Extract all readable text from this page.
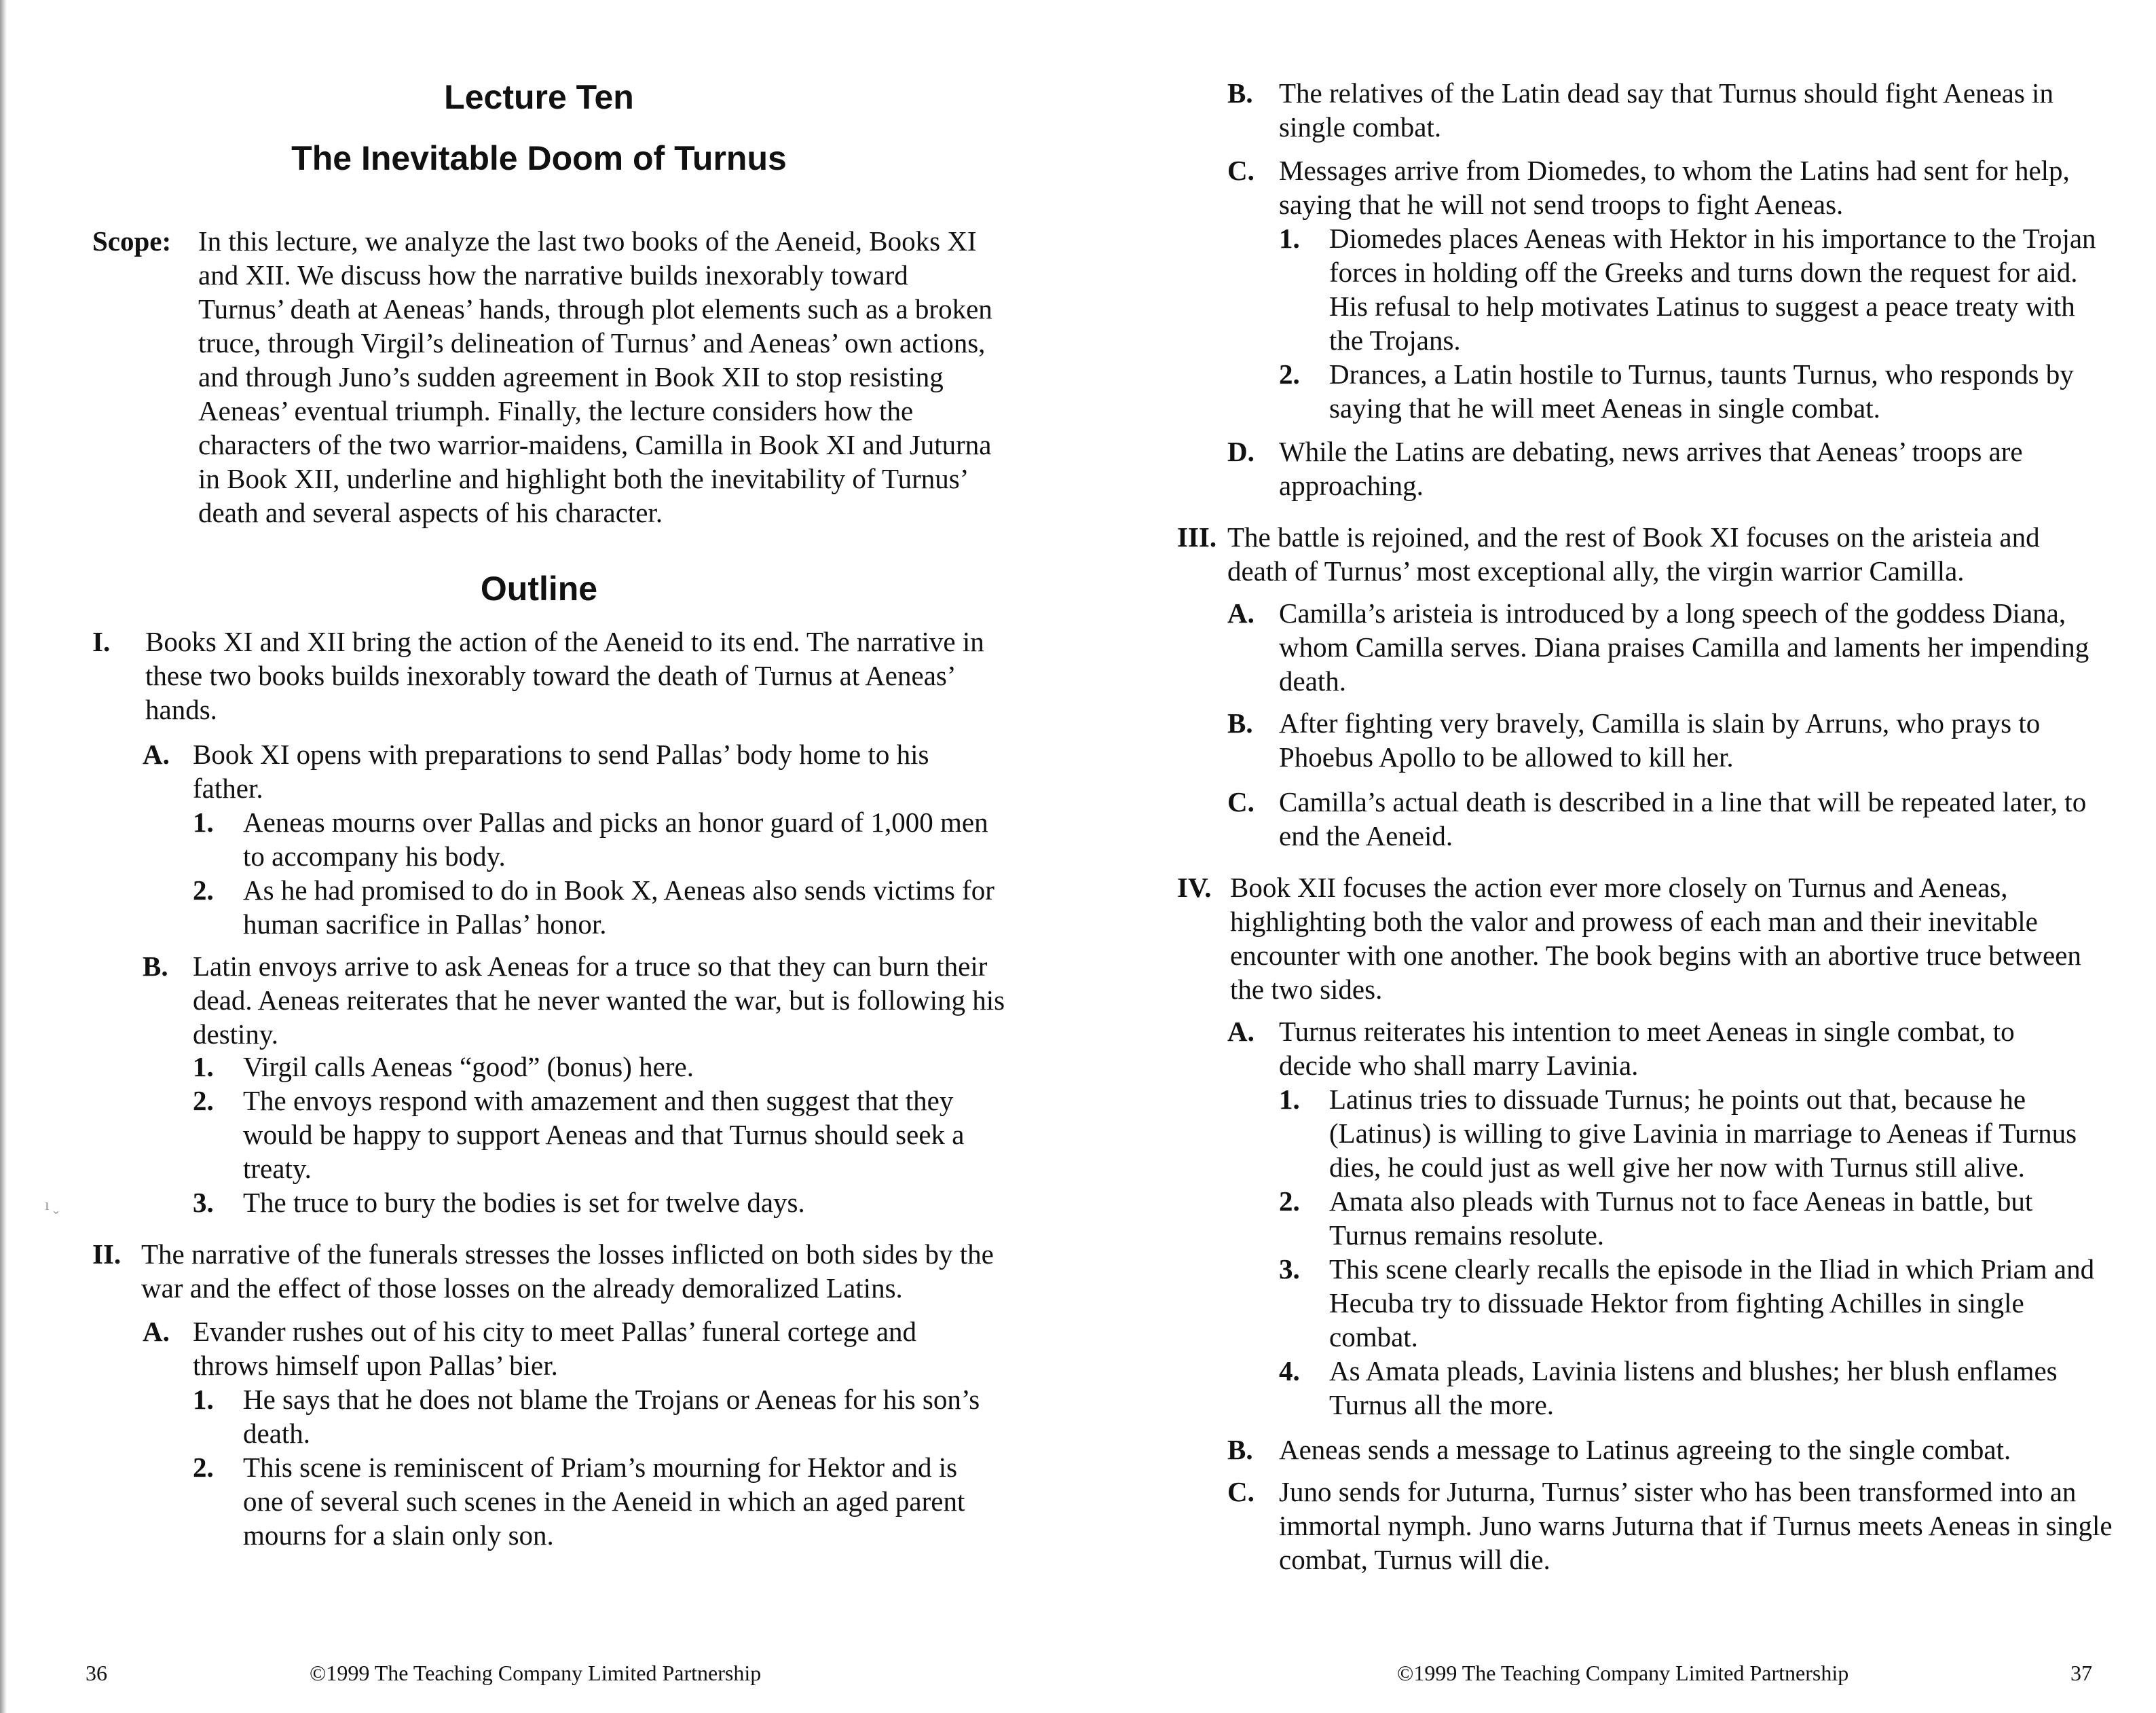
Lecture Ten
The Inevitable Doom of Turnus
Scope: In this lecture, we analyze the last two books of the Aeneid, Books XI and XII. We discuss how the narrative builds inexorably toward Turnus’ death at Aeneas’ hands, through plot elements such as a broken truce, through Virgil’s delineation of Turnus’ and Aeneas’ own actions, and through Juno’s sudden agreement in Book XII to stop resisting Aeneas’ eventual triumph. Finally, the lecture considers how the characters of the two warrior-maidens, Camilla in Book XI and Juturna in Book XII, underline and highlight both the inevitability of Turnus’ death and several aspects of his character.
Outline
I. Books XI and XII bring the action of the Aeneid to its end. The narrative in these two books builds inexorably toward the death of Turnus at Aeneas’ hands.
A. Book XI opens with preparations to send Pallas’ body home to his father.
1. Aeneas mourns over Pallas and picks an honor guard of 1,000 men to accompany his body.
2. As he had promised to do in Book X, Aeneas also sends victims for human sacrifice in Pallas’ honor.
B. Latin envoys arrive to ask Aeneas for a truce so that they can burn their dead. Aeneas reiterates that he never wanted the war, but is following his destiny.
1. Virgil calls Aeneas “good” (bonus) here.
2. The envoys respond with amazement and then suggest that they would be happy to support Aeneas and that Turnus should seek a treaty.
3. The truce to bury the bodies is set for twelve days.
II. The narrative of the funerals stresses the losses inflicted on both sides by the war and the effect of those losses on the already demoralized Latins.
A. Evander rushes out of his city to meet Pallas’ funeral cortege and throws himself upon Pallas’ bier.
1. He says that he does not blame the Trojans or Aeneas for his son’s death.
2. This scene is reminiscent of Priam’s mourning for Hektor and is one of several such scenes in the Aeneid in which an aged parent mourns for a slain only son.
ı ˬ
36	©1999 The Teaching Company Limited Partnership
B. The relatives of the Latin dead say that Turnus should fight Aeneas in single combat.
C. Messages arrive from Diomedes, to whom the Latins had sent for help, saying that he will not send troops to fight Aeneas.
1. Diomedes places Aeneas with Hektor in his importance to the Trojan forces in holding off the Greeks and turns down the request for aid. His refusal to help motivates Latinus to suggest a peace treaty with the Trojans.
2. Drances, a Latin hostile to Turnus, taunts Turnus, who responds by saying that he will meet Aeneas in single combat.
D. While the Latins are debating, news arrives that Aeneas’ troops are approaching.
III. The battle is rejoined, and the rest of Book XI focuses on the aristeia and death of Turnus’ most exceptional ally, the virgin warrior Camilla.
A. Camilla’s aristeia is introduced by a long speech of the goddess Diana, whom Camilla serves. Diana praises Camilla and laments her impending death.
B. After fighting very bravely, Camilla is slain by Arruns, who prays to Phoebus Apollo to be allowed to kill her.
C. Camilla’s actual death is described in a line that will be repeated later, to end the Aeneid.
IV. Book XII focuses the action ever more closely on Turnus and Aeneas, highlighting both the valor and prowess of each man and their inevitable encounter with one another. The book begins with an abortive truce between the two sides.
A. Turnus reiterates his intention to meet Aeneas in single combat, to decide who shall marry Lavinia.
1. Latinus tries to dissuade Turnus; he points out that, because he (Latinus) is willing to give Lavinia in marriage to Aeneas if Turnus dies, he could just as well give her now with Turnus still alive.
2. Amata also pleads with Turnus not to face Aeneas in battle, but Turnus remains resolute.
3. This scene clearly recalls the episode in the Iliad in which Priam and Hecuba try to dissuade Hektor from fighting Achilles in single combat.
4. As Amata pleads, Lavinia listens and blushes; her blush enflames Turnus all the more.
B. Aeneas sends a message to Latinus agreeing to the single combat.
C. Juno sends for Juturna, Turnus’ sister who has been transformed into an immortal nymph. Juno warns Juturna that if Turnus meets Aeneas in single combat, Turnus will die.
©1999 The Teaching Company Limited Partnership	37
